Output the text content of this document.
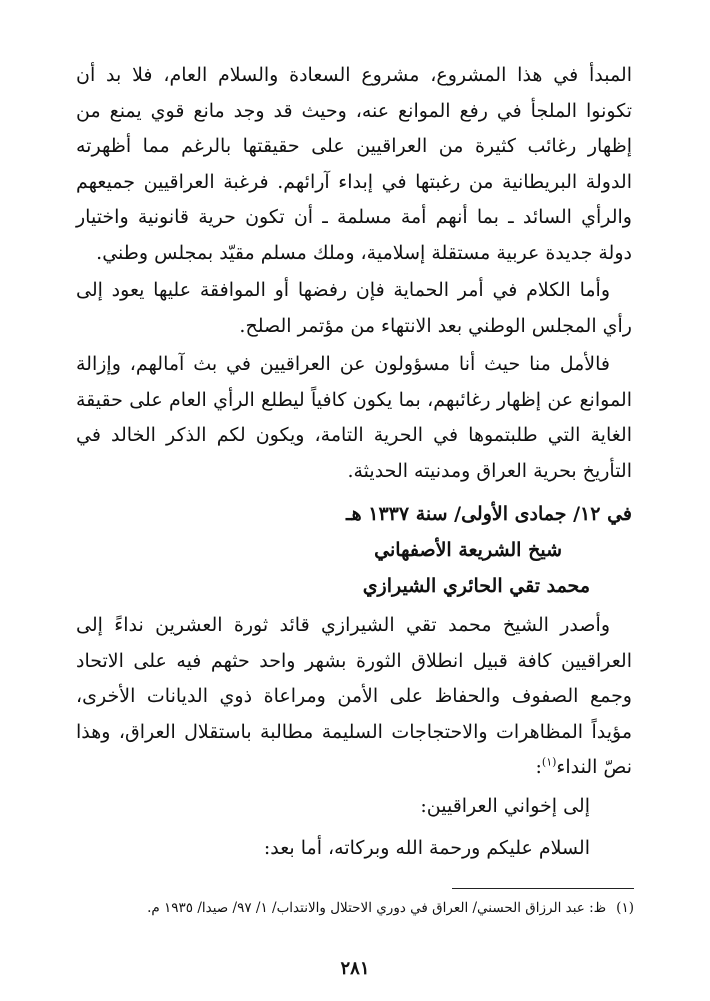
المبدأ في هذا المشروع، مشروع السعادة والسلام العام، فلا بد أن تكونوا الملجأ في رفع الموانع عنه، وحيث قد وجد مانع قوي يمنع من إظهار رغائب كثيرة من العراقيين على حقيقتها بالرغم مما أظهرته الدولة البريطانية من رغبتها في إبداء آرائهم. فرغبة العراقيين جميعهم والرأي السائد ـ بما أنهم أمة مسلمة ـ أن تكون حرية قانونية واختيار دولة جديدة عربية مستقلة إسلامية، وملك مسلم مقيّد بمجلس وطني.

وأما الكلام في أمر الحماية فإن رفضها أو الموافقة عليها يعود إلى رأي المجلس الوطني بعد الانتهاء من مؤتمر الصلح.

فالأمل منا حيث أنا مسؤولون عن العراقيين في بث آمالهم، وإزالة الموانع عن إظهار رغائبهم، بما يكون كافياً ليطلع الرأي العام على حقيقة الغاية التي طلبتموها في الحرية التامة، ويكون لكم الذكر الخالد في التأريخ بحرية العراق ومدنيته الحديثة.

في ١٢/ جمادى الأولى/ سنة ١٣٣٧ هـ
شيخ الشريعة الأصفهاني
محمد تقي الحائري الشيرازي

وأصدر الشيخ محمد تقي الشيرازي قائد ثورة العشرين نداءً إلى العراقيين كافة قبيل انطلاق الثورة بشهر واحد حثهم فيه على الاتحاد وجمع الصفوف والحفاظ على الأمن ومراعاة ذوي الديانات الأخرى، مؤيداً المظاهرات والاحتجاجات السليمة مطالبة باستقلال العراق، وهذا نصّ النداء$^{(١)}$:

إلى إخواني العراقيين:
السلام عليكم ورحمة الله وبركاته، أما بعد:
(١)ظ: عبد الرزاق الحسني/ العراق في دوري الاحتلال والانتداب/ ١/ ٩٧/ صيدا/ ١٩٣٥ م.
٢٨١
